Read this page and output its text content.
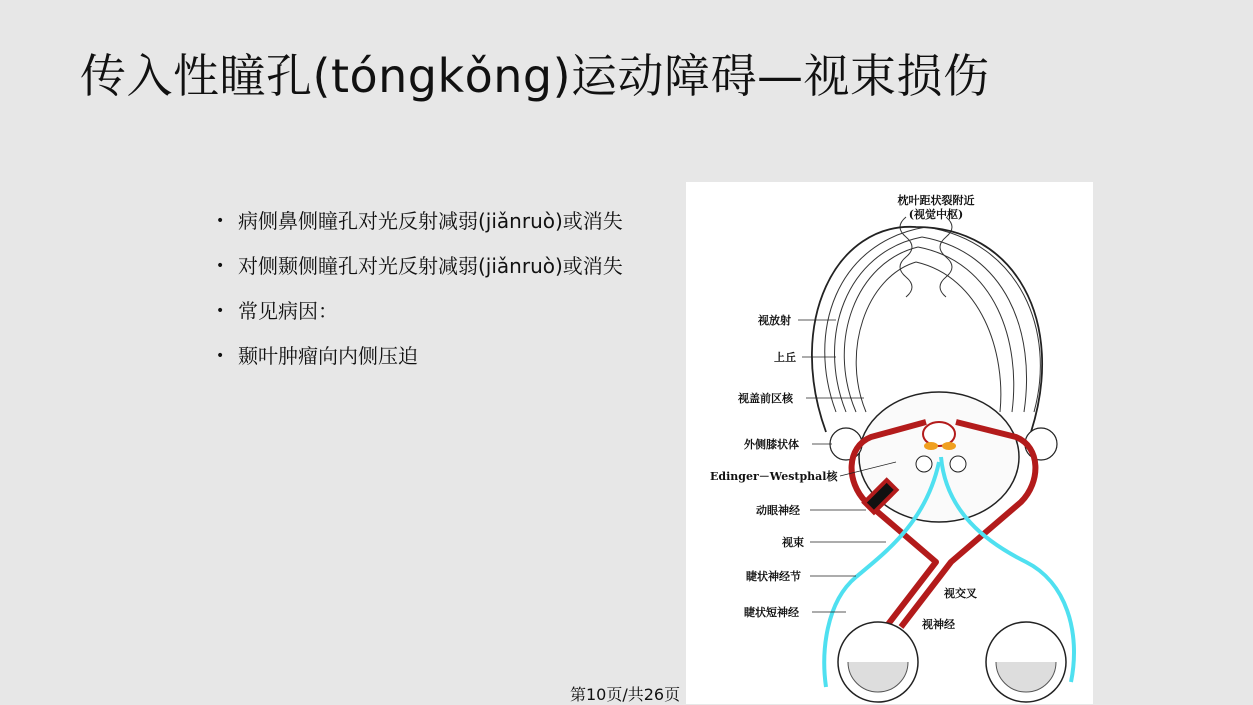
传入性瞳孔(tóngkǒng)运动障碍—视束损伤
• 病侧鼻侧瞳孔对光反射减弱(jiǎnruò)或消失
• 对侧颞侧瞳孔对光反射减弱(jiǎnruò)或消失
• 常见病因：
• 颞叶肿瘤向内侧压迫
枕叶距状裂附近
(视觉中枢)
视放射
上丘
视盖前区核
外侧膝状体
Edinger－Westphal核
动眼神经
视束
睫状神经节
视交叉
睫状短神经
视神经
第10页/共26页
